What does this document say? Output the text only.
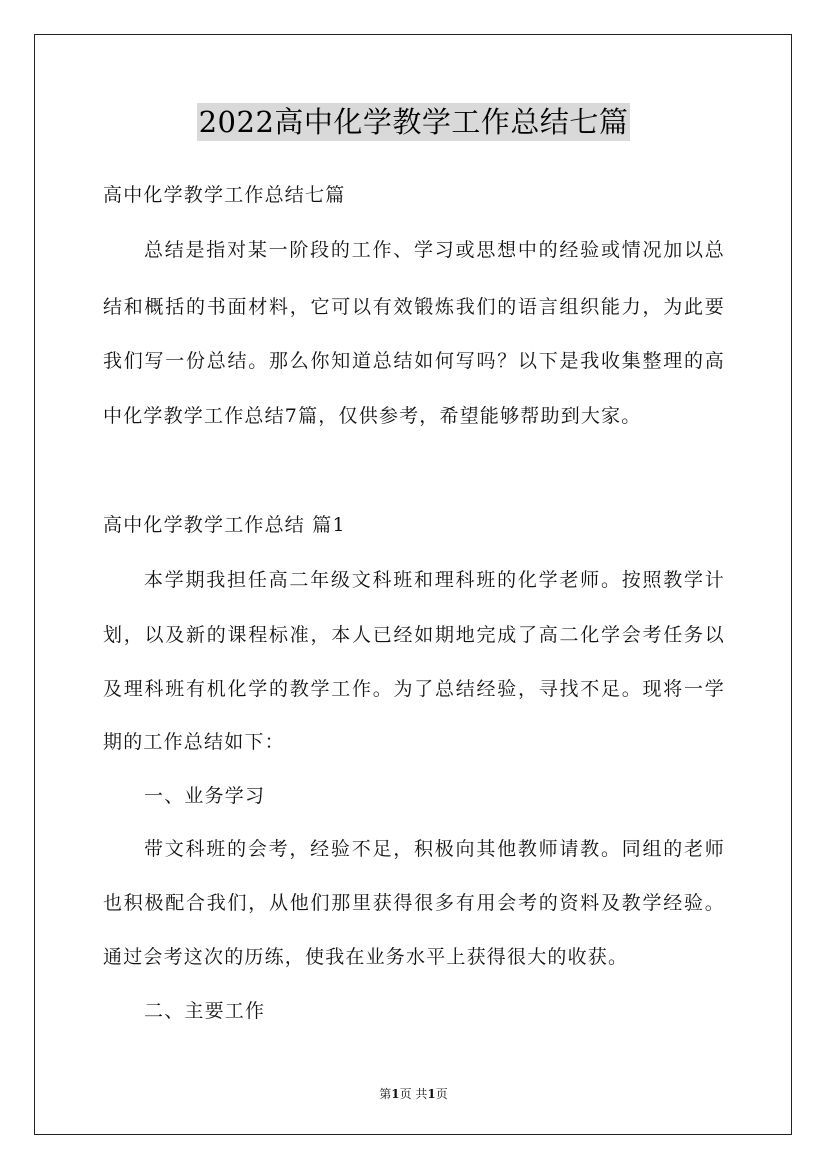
2022高中化学教学工作总结七篇
高中化学教学工作总结七篇
总结是指对某一阶段的工作、学习或思想中的经验或情况加以总
结和概括的书面材料，它可以有效锻炼我们的语言组织能力，为此要
我们写一份总结。那么你知道总结如何写吗？以下是我收集整理的高
中化学教学工作总结7篇，仅供参考，希望能够帮助到大家。
高中化学教学工作总结 篇1
本学期我担任高二年级文科班和理科班的化学老师。按照教学计
划，以及新的课程标准，本人已经如期地完成了高二化学会考任务以
及理科班有机化学的教学工作。为了总结经验，寻找不足。现将一学
期的工作总结如下：
一、业务学习
带文科班的会考，经验不足，积极向其他教师请教。同组的老师
也积极配合我们，从他们那里获得很多有用会考的资料及教学经验。
通过会考这次的历练，使我在业务水平上获得很大的收获。
二、主要工作
第1页 共1页
